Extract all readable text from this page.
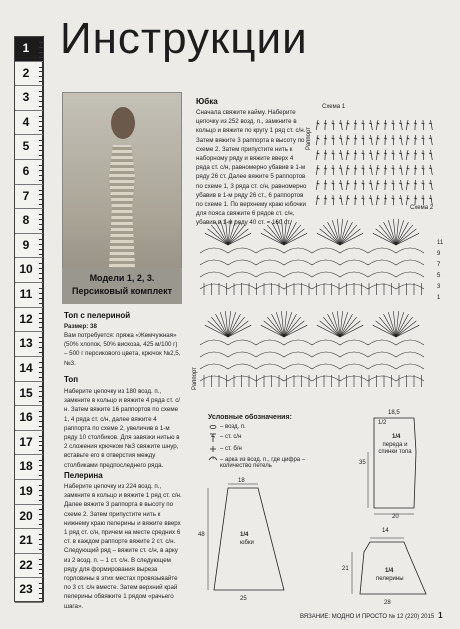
1
2
3
4
5
6
7
8
9
10
11
12
13
14
15
16
17
18
19
20
21
22
23
Инструкции
Модели 1, 2, 3.
Персиковый комплект
Топ с пелериной
Размер: 38
Вам потребуется: пряжа «Жемчужная» (50% хлопок, 50% вискоза, 425 м/100 г) – 500 г персикового цвета, крючок №2,5, №3.
Топ
Наберите цепочку из 180 возд. п., замкните в кольцо и вяжите 4 ряда ст. с/н. Затем вяжите 16 раппортов по схеме 1, 4 ряда ст. с/н, далее вяжите 4 раппорта по схеме 2, увеличив в 1-м ряду 10 столбиков. Для завязки нитью в 2 сложения крючком №3 свяжите шнур, вставьте его в отверстия между столбиками предпоследнего ряда.
Пелерина
Наберите цепочку из 224 возд. п., замкните в кольцо и вяжите 1 ряд ст. с/н. Далее вяжите 3 раппорта в высоту по схеме 2. Затем припустите нить к нижнему краю пелерины и вяжите вверх 1 ряд ст. с/н, причем на месте средних 6 ст. в каждом раппорте вяжите 2 ст. с/н. Следующий ряд – вяжите ст. с/н, в арку из 2 возд. п. – 1 ст. с/н. В следующем ряду для формирования выреза горловины в этих местах провязывайте по 3 ст. с/н вместе. Затем верхний край пелерины обвяжите 1 рядом «рачьего шага».
Юбка
Сначала свяжите кайму. Наберите цепочку из 252 возд. п., замкните в кольцо и вяжите по кругу 1 ряд ст. с/н. Затем вяжите 3 раппорта в высоту по схеме 2. Затем припустите нить к наборному ряду и вяжите вверх 4 ряда ст. с/н, равномерно убавив в 1-м ряду 26 ст. Далее вяжите 5 раппортов по схеме 1, 3 ряда ст. с/н, равномерно убавив в 1-м ряду 26 ст., 6 раппортов по схеме 1. По верхнему краю юбочки для пояса свяжите 6 рядов ст. с/н, убавив в 1-м ряду 40 ст. = 160 ст.
Схема 1
Раппорт
Схема 2
Раппорт
11
9
7
5
3
1
Условные обозначения:
5
– возд. п.
– ст. с/н
– ст. б/н
– арка из возд. п., где цифра – количество петель
18,5
1/2
35
1/4
переда и спинки топа
20
18
48	1/4
юбки
25
14
21	1/4
пелерины
28
ВЯЗАНИЕ: МОДНО И ПРОСТО № 12 (220) 2015 1
